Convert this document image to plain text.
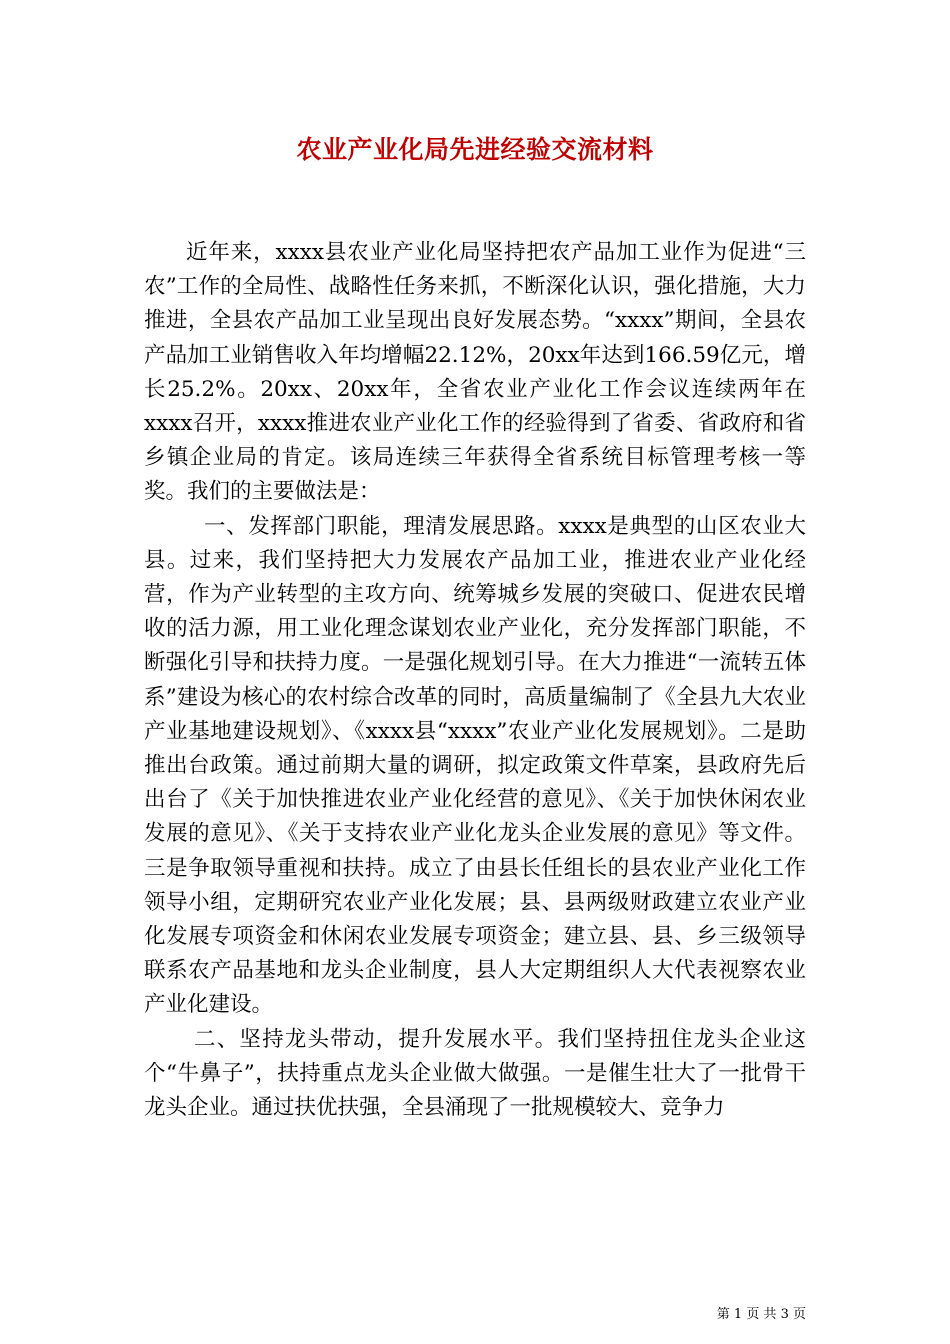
农业产业化局先进经验交流材料

近年来，xxxx县农业产业化局坚持把农产品加工业作为促进“三农”工作的全局性、战略性任务来抓，不断深化认识，强化措施，大力推进，全县农产品加工业呈现出良好发展态势。“xxxx”期间，全县农产品加工业销售收入年均增幅22.12%，20xx年达到166.59亿元，增长25.2%。20xx、20xx年，全省农业产业化工作会议连续两年在xxxx召开，xxxx推进农业产业化工作的经验得到了省委、省政府和省乡镇企业局的肯定。该局连续三年获得全省系统目标管理考核一等奖。我们的主要做法是：

一、发挥部门职能，理清发展思路。xxxx是典型的山区农业大县。过来，我们坚持把大力发展农产品加工业，推进农业产业化经营，作为产业转型的主攻方向、统筹城乡发展的突破口、促进农民增收的活力源，用工业化理念谋划农业产业化，充分发挥部门职能，不断强化引导和扶持力度。一是强化规划引导。在大力推进“一流转五体系”建设为核心的农村综合改革的同时，高质量编制了《全县九大农业产业基地建设规划》、《xxxx县“xxxx”农业产业化发展规划》。二是助推出台政策。通过前期大量的调研，拟定政策文件草案，县政府先后出台了《关于加快推进农业产业化经营的意见》、《关于加快休闲农业发展的意见》、《关于支持农业产业化龙头企业发展的意见》等文件。三是争取领导重视和扶持。成立了由县长任组长的县农业产业化工作领导小组，定期研究农业产业化发展；县、县两级财政建立农业产业化发展专项资金和休闲农业发展专项资金；建立县、县、乡三级领导联系农产品基地和龙头企业制度，县人大定期组织人大代表视察农业产业化建设。

二、坚持龙头带动，提升发展水平。我们坚持扭住龙头企业这个“牛鼻子”，扶持重点龙头企业做大做强。一是催生壮大了一批骨干龙头企业。通过扶优扶强，全县涌现了一批规模较大、竞争力

第 1 页 共 3 页
